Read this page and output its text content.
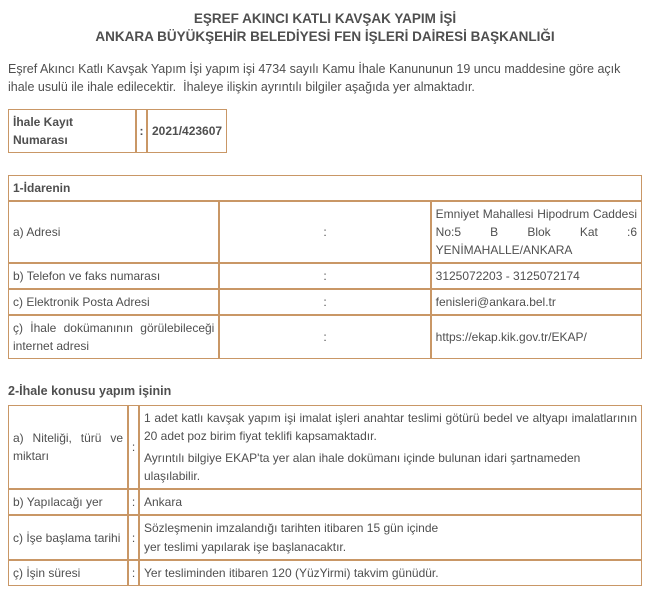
EŞREF AKINCI KATLI KAVŞAK YAPIM İŞİ
ANKARA BÜYÜKŞEHİR BELEDİYESİ FEN İŞLERİ DAİRESİ BAŞKANLIĞI

Eşref Akıncı Katlı Kavşak Yapım İşi yapım işi 4734 sayılı Kamu İhale Kanununun 19 uncu maddesine göre açık ihale usulü ile ihale edilecektir.  İhaleye ilişkin ayrıntılı bilgiler aşağıda yer almaktadır.

İhale Kayıt Numarası	:	2021/423607
1-İdarenin		
a) Adresi	:	Emniyet Mahallesi Hipodrum Caddesi No:5 B Blok Kat :6 YENİMAHALLE/ANKARA
b) Telefon ve faks numarası	:	3125072203 - 3125072174
c) Elektronik Posta Adresi	:	fenisleri@ankara.bel.tr
ç) İhale dokümanının görülebileceği internet adresi	:	https://ekap.kik.gov.tr/EKAP/
2-İhale konusu yapım işinin
a) Niteliği, türü ve miktarı	:	1 adet katlı kavşak yapım işi imalat işleri anahtar teslimi götürü bedel ve altyapı imalatlarının 20 adet poz birim fiyat teklifi kapsamaktadır.
Ayrıntılı bilgiye EKAP'ta yer alan ihale dokümanı içinde bulunan idari şartnameden ulaşılabilir.

b) Yapılacağı yer	:	Ankara
c) İşe başlama tarihi	:	Sözleşmenin imzalandığı tarihten itibaren 15 gün içinde
yer teslimi yapılarak işe başlanacaktır.

ç) İşin süresi	:	Yer tesliminden itibaren 120 (YüzYirmi) takvim günüdür.
